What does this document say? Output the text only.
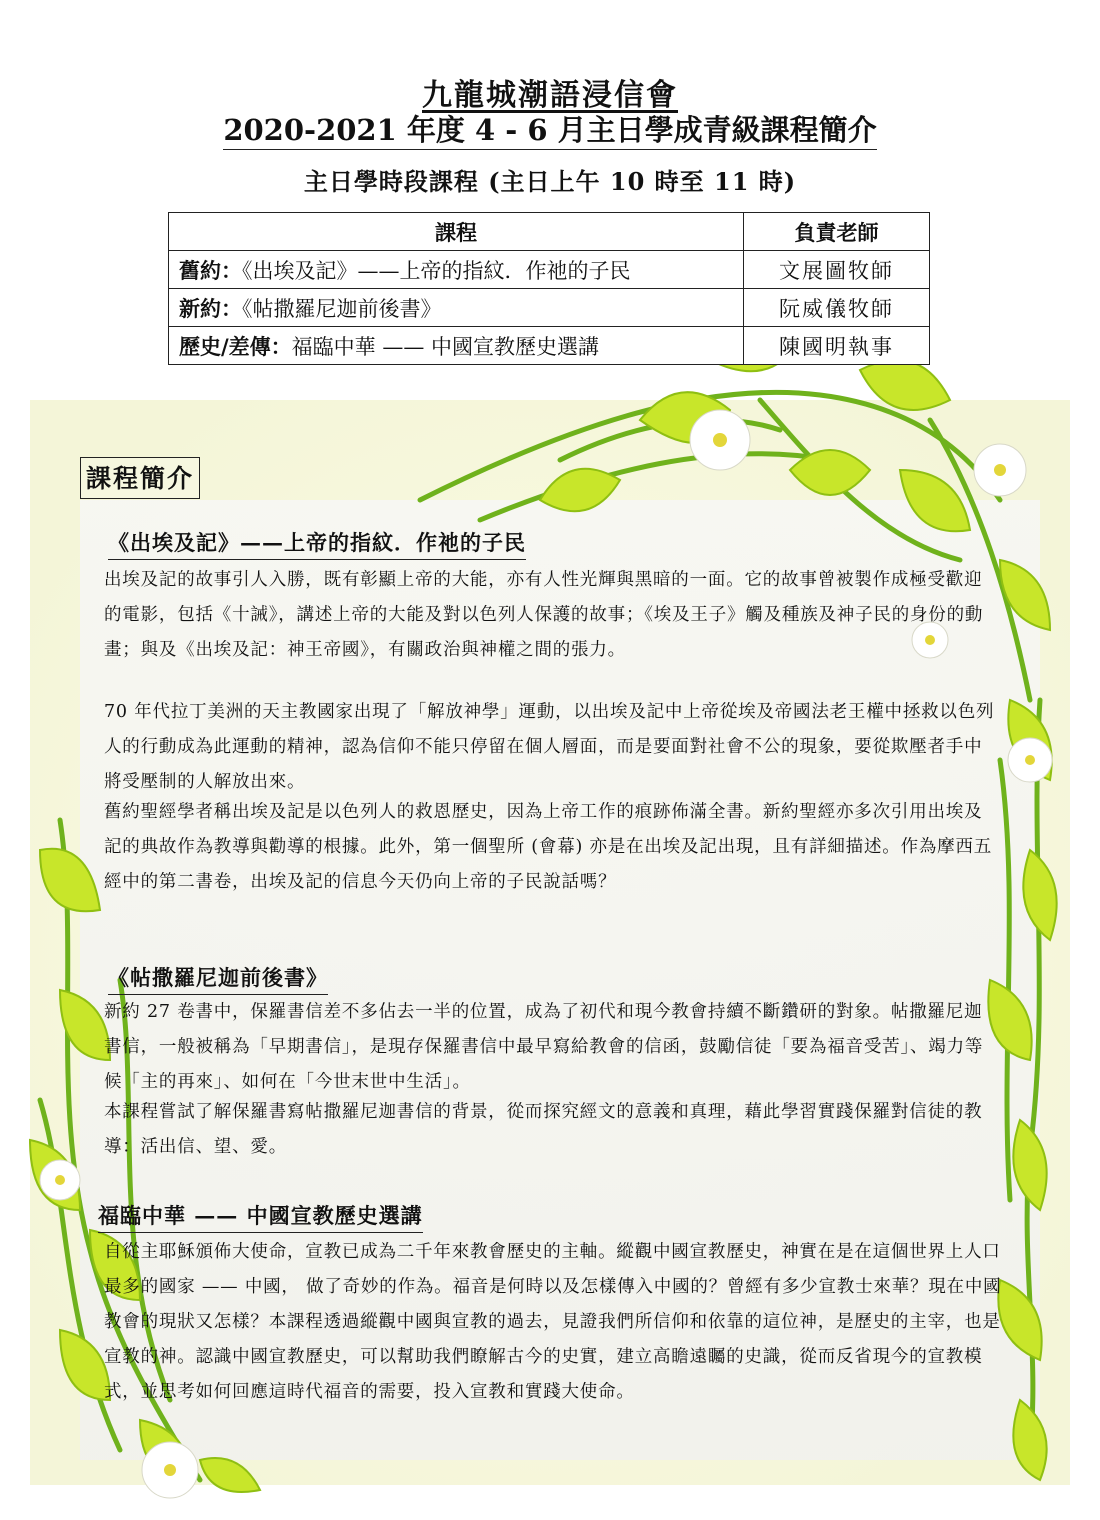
九龍城潮語浸信會
2020-2021 年度 4 - 6 月主日學成青級課程簡介
主日學時段課程 (主日上午 10 時至 11 時)
課程	負責老師
舊約：《出埃及記》——上帝的指紋．作祂的子民	文展圖牧師
新約：《帖撒羅尼迦前後書》	阮威儀牧師
歷史/差傳：福臨中華 —— 中國宣教歷史選講	陳國明執事
課程簡介
《出埃及記》——上帝的指紋．作祂的子民

出埃及記的故事引人入勝，既有彰顯上帝的大能，亦有人性光輝與黑暗的一面。它的故事曾被製作成極受歡迎的電影，包括《十誡》，講述上帝的大能及對以色列人保護的故事；《埃及王子》觸及種族及神子民的身份的動畫；與及《出埃及記：神王帝國》，有關政治與神權之間的張力。

70 年代拉丁美洲的天主教國家出現了「解放神學」運動，以出埃及記中上帝從埃及帝國法老王權中拯救以色列人的行動成為此運動的精神，認為信仰不能只停留在個人層面，而是要面對社會不公的現象，要從欺壓者手中將受壓制的人解放出來。

舊約聖經學者稱出埃及記是以色列人的救恩歷史，因為上帝工作的痕跡佈滿全書。新約聖經亦多次引用出埃及記的典故作為教導與勸導的根據。此外，第一個聖所 (會幕) 亦是在出埃及記出現，且有詳細描述。作為摩西五經中的第二書卷，出埃及記的信息今天仍向上帝的子民說話嗎？

《帖撒羅尼迦前後書》

新約 27 卷書中，保羅書信差不多佔去一半的位置，成為了初代和現今教會持續不斷鑽研的對象。帖撒羅尼迦書信，一般被稱為「早期書信」，是現存保羅書信中最早寫給教會的信函，鼓勵信徒「要為福音受苦」、竭力等候「主的再來」、如何在「今世末世中生活」。

本課程嘗試了解保羅書寫帖撒羅尼迦書信的背景，從而探究經文的意義和真理，藉此學習實踐保羅對信徒的教導：活出信、望、愛。

福臨中華 —— 中國宣教歷史選講

自從主耶穌頒佈大使命，宣教已成為二千年來教會歷史的主軸。縱觀中國宣教歷史，神實在是在這個世界上人口最多的國家 —— 中國， 做了奇妙的作為。福音是何時以及怎樣傳入中國的？曾經有多少宣教士來華？現在中國教會的現狀又怎樣？本課程透過縱觀中國與宣教的過去，見證我們所信仰和依靠的這位神，是歷史的主宰，也是宣教的神。認識中國宣教歷史，可以幫助我們瞭解古今的史實，建立高瞻遠矚的史識，從而反省現今的宣教模式，並思考如何回應這時代福音的需要，投入宣教和實踐大使命。
